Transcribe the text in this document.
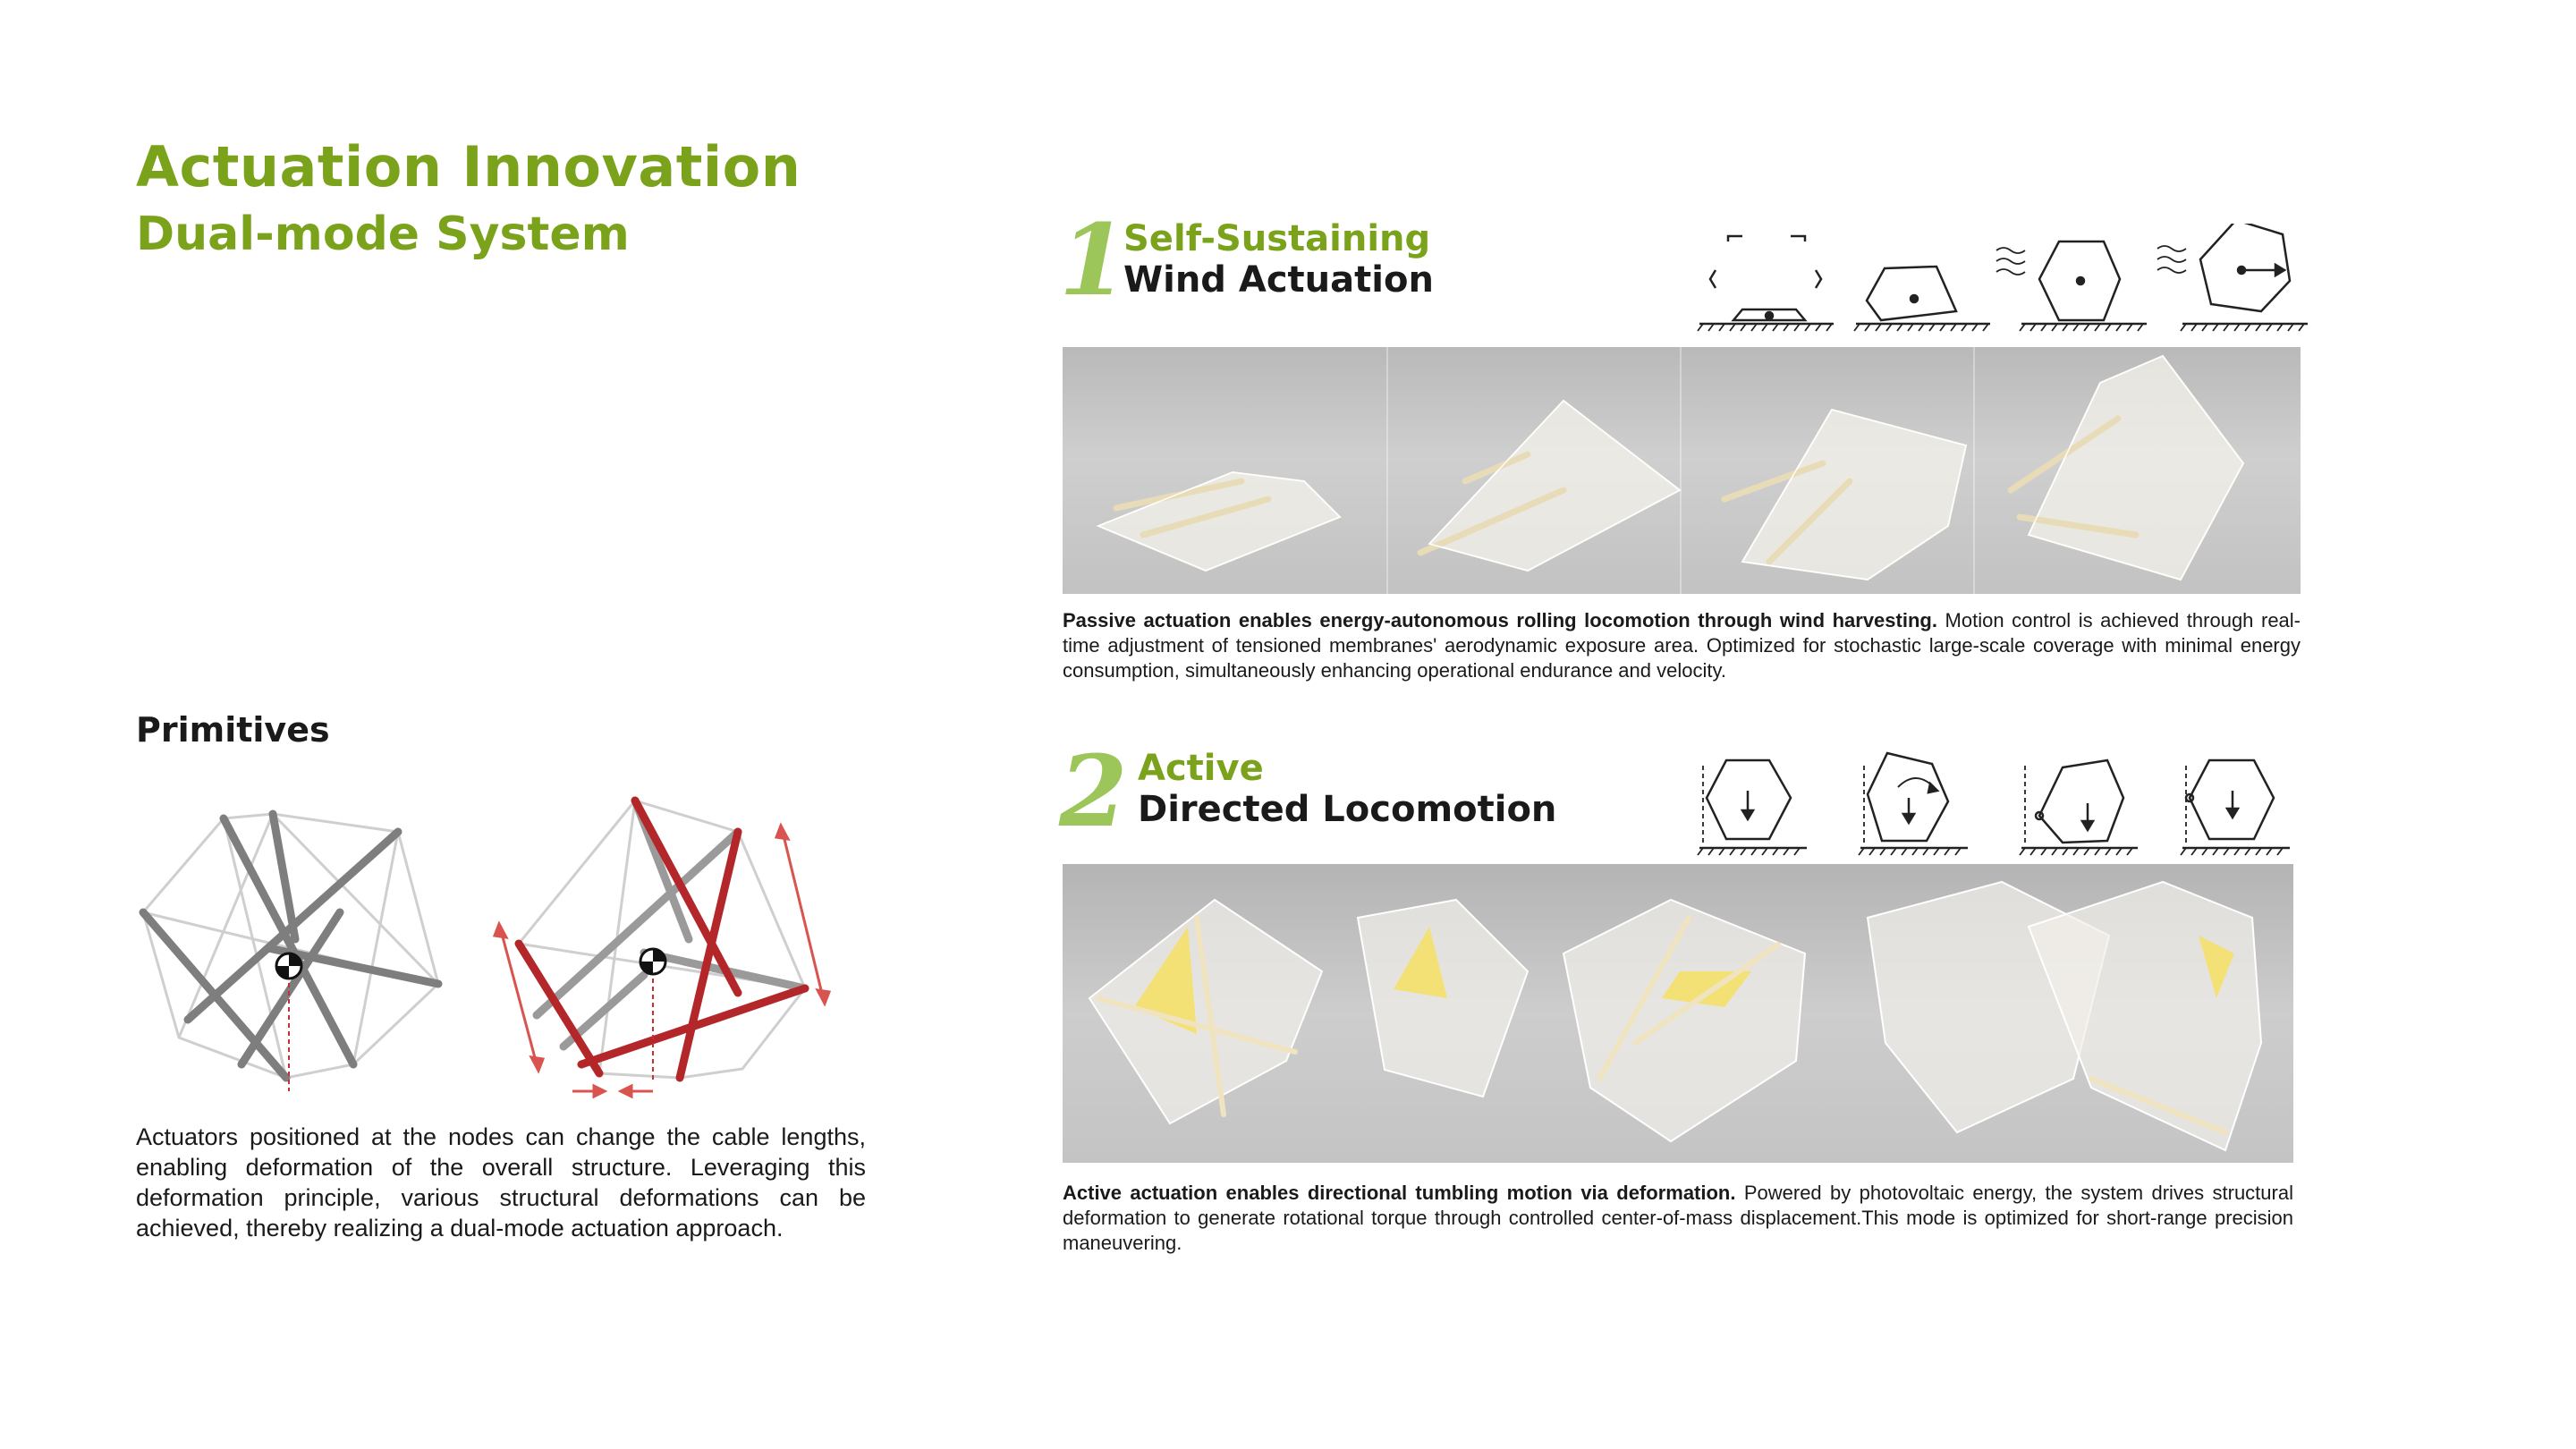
Actuation Innovation
Dual-mode System
Primitives
Actuators positioned at the nodes can change the cable lengths, enabling deformation of the overall structure. Leveraging this deformation principle, various structural deformations can be achieved, thereby realizing a dual-mode actuation approach.
1
Self-Sustaining
Wind Actuation
Passive actuation enables energy-autonomous rolling locomotion through wind harvesting. Motion control is achieved through real-time adjustment of tensioned membranes' aerodynamic exposure area. Optimized for stochastic large-scale coverage with minimal energy consumption, simultaneously enhancing operational endurance and velocity.
2 Active
Directed Locomotion
Active actuation enables directional tumbling motion via deformation. Powered by photovoltaic energy, the system drives structural deformation to generate rotational torque through controlled center-of-mass displacement.This mode is optimized for short-range precision maneuvering.
